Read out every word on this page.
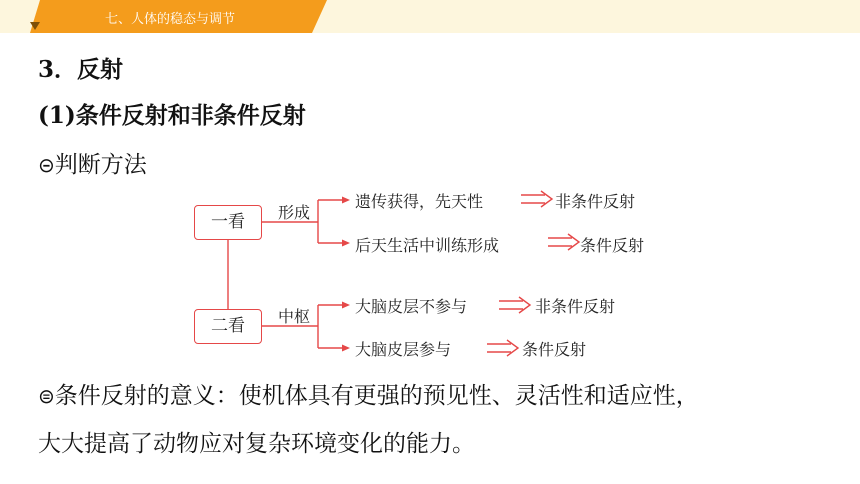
七、人体的稳态与调节
3．反射
(1)条件反射和非条件反射
⊝判断方法
一看
二看
形成
中枢
遗传获得，先天性	非条件反射
后天生活中训练形成	条件反射
大脑皮层不参与	非条件反射
大脑皮层参与	条件反射
⊜条件反射的意义：使机体具有更强的预见性、灵活性和适应性，
大大提高了动物应对复杂环境变化的能力。
